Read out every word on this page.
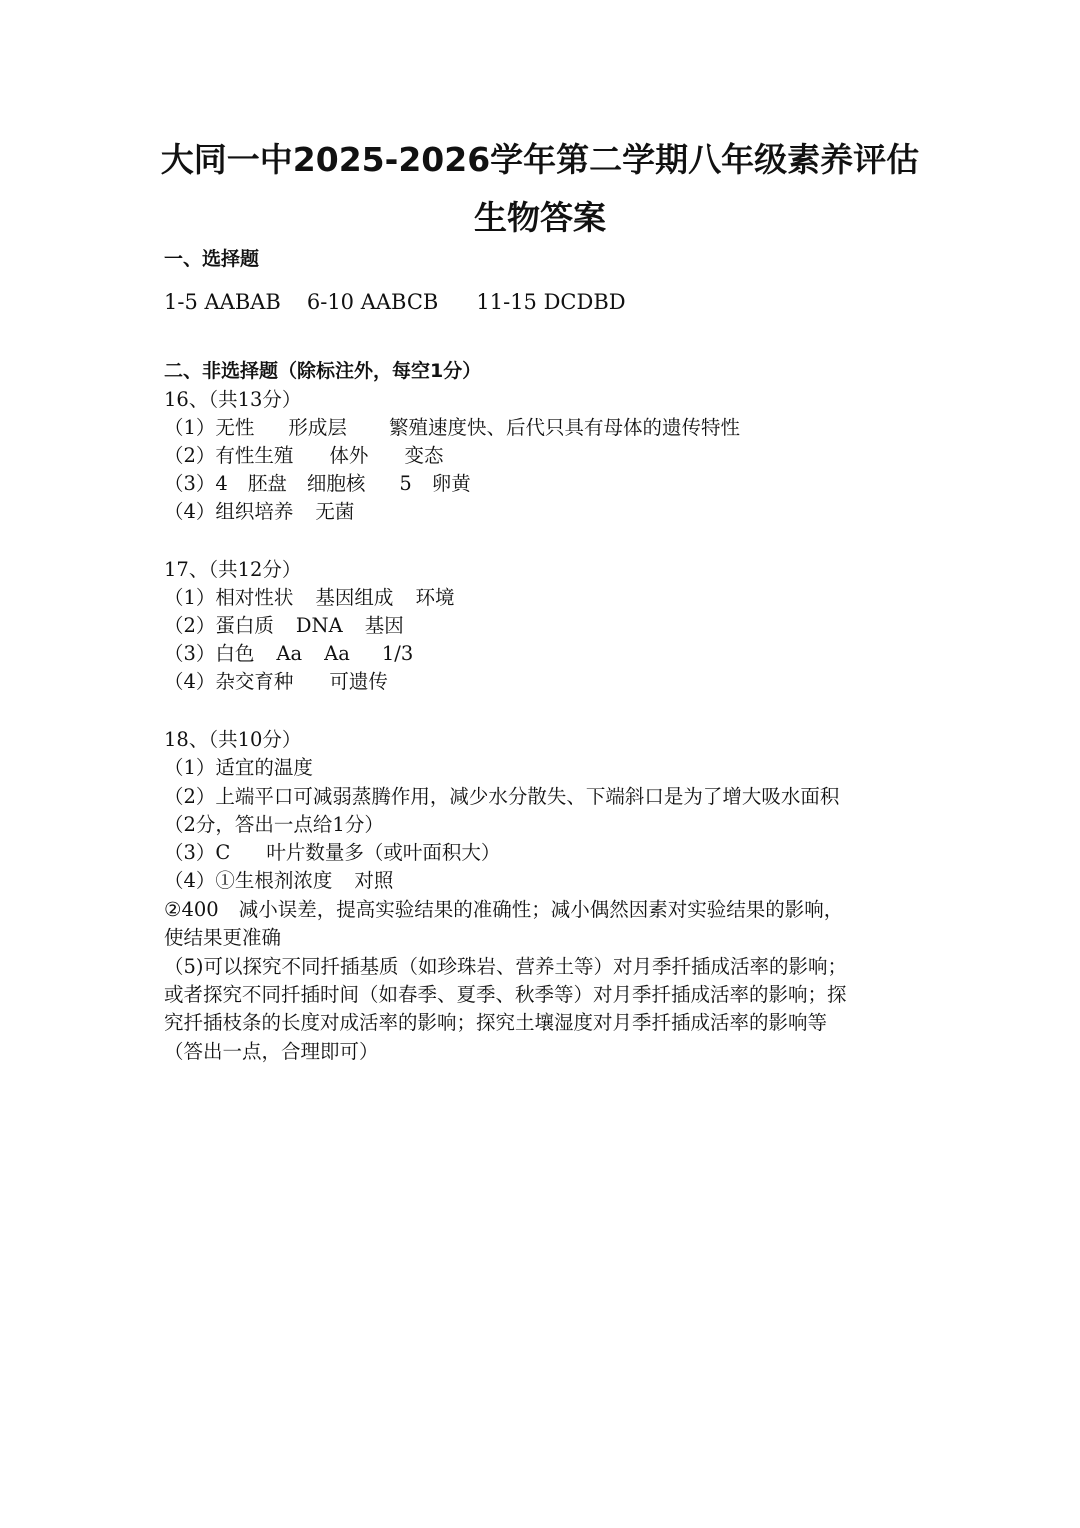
大同一中2025-2026学年第二学期八年级素养评估
生物答案
一、选择题
1-5 AABAB 6-10 AABCB 11-15 DCDBD
二、非选择题（除标注外，每空1分）
16、（共13分）
（1）无性 形成层 繁殖速度快、后代只具有母体的遗传特性
（2）有性生殖 体外 变态
（3）4 胚盘 细胞核 5 卵黄
（4）组织培养 无菌
17、（共12分）
（1）相对性状 基因组成 环境
（2）蛋白质 DNA 基因
（3）白色 Aa Aa 1/3
（4）杂交育种 可遗传
18、（共10分）
（1）适宜的温度
（2）上端平口可减弱蒸腾作用，减少水分散失、下端斜口是为了增大吸水面积
（2分，答出一点给1分）
（3）C 叶片数量多（或叶面积大）
（4）①生根剂浓度 对照
②400 减小误差，提高实验结果的准确性；减小偶然因素对实验结果的影响，
使结果更准确
（5)可以探究不同扦插基质（如珍珠岩、营养土等）对月季扦插成活率的影响；
或者探究不同扦插时间（如春季、夏季、秋季等）对月季扦插成活率的影响；探
究扦插枝条的长度对成活率的影响；探究土壤湿度对月季扦插成活率的影响等
（答出一点，合理即可）
